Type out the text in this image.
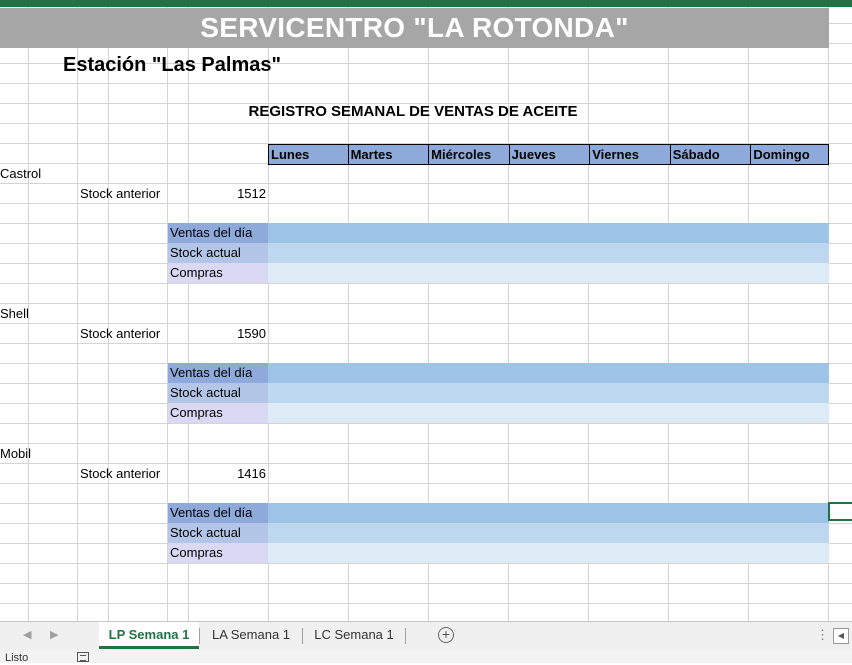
SERVICENTRO "LA ROTONDA"
Estación "Las Palmas"
REGISTRO SEMANAL DE VENTAS DE ACEITE
Lunes	Martes	Miércoles	Jueves	Viernes	Sábado	Domingo
Castrol
Stock anterior	1512
Ventas del día
Stock actual
Compras
Shell
Stock anterior	1590
Ventas del día
Stock actual
Compras
Mobil
Stock anterior	1416
Ventas del día
Stock actual
Compras
◀ ▶	LP Semana 1	LA Semana 1	LC Semana 1	+	⋮	◀
Listo
